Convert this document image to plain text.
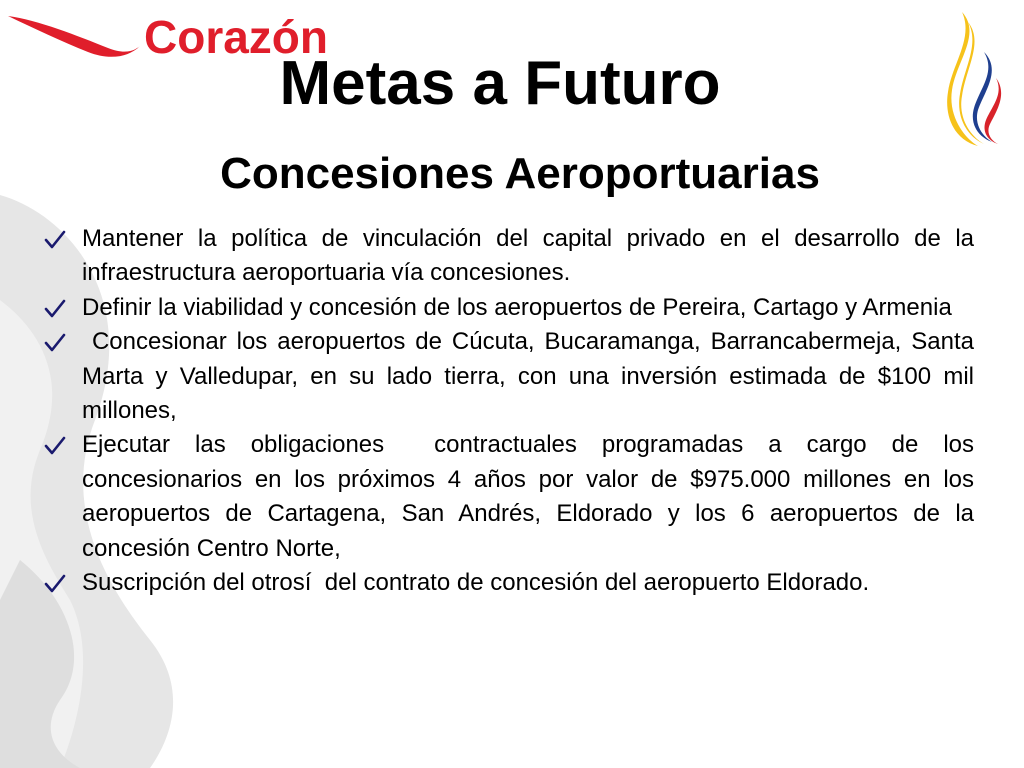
Corazón
Metas a Futuro
Concesiones Aeroportuarias
Mantener la política de vinculación del capital privado en el desarrollo de la infraestructura aeroportuaria vía concesiones.
Definir la viabilidad y concesión de los aeropuertos de Pereira, Cartago y Armenia
Concesionar los aeropuertos de Cúcuta, Bucaramanga, Barrancabermeja, Santa Marta y Valledupar, en su lado tierra, con una inversión estimada de $100 mil millones,
Ejecutar las obligaciones  contractuales programadas a cargo de los concesionarios en los próximos 4 años por valor de $975.000 millones en los aeropuertos de Cartagena, San Andrés, Eldorado y los 6 aeropuertos de la concesión Centro Norte,
Suscripción del otrosí  del contrato de concesión del aeropuerto Eldorado.
